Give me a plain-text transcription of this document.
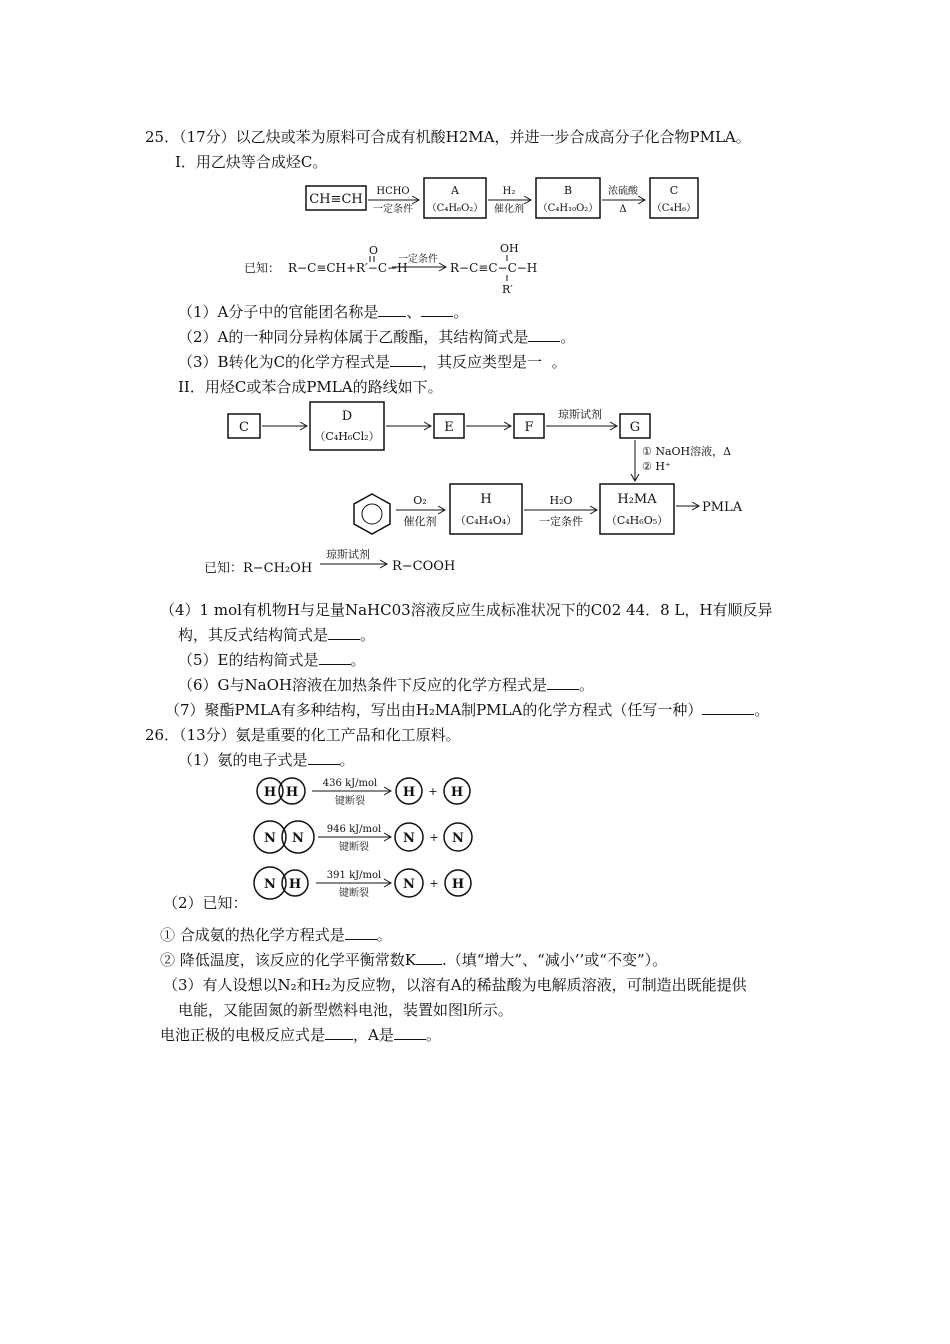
25．（17分）以乙炔或苯为原料可合成有机酸H2MA，并进一步合成高分子化合物PMLA。
I．用乙炔等合成烃C。
CH≡CH
HCHO
一定条件
A
（C₄H₆O₂）
H₂
催化剂
B
（C₄H₁₀O₂）
浓硫酸
Δ
C
（C₄H₆）
已知： R−C≡CH+R′−C−H
O
一定条件
R−C≡C−C−H
OH
R′
（1）A分子中的官能团名称是 、 。
（2）A的一种同分异构体属于乙酸酯，其结构简式是 。
（3）B转化为C的化学方程式是 ，其反应类型是一 。
II．用烃C或苯合成PMLA的路线如下。
C
D
（C₄H₆Cl₂）
E	F
琼斯试剂
G
① NaOH溶液，Δ
② H⁺
O₂
催化剂
H
（C₄H₄O₄）
H₂O
一定条件
H₂MA
（C₄H₆O₅）
PMLA
已知：R−CH₂OH
琼斯试剂
R−COOH
（4）1 mol有机物H与足量NaHC03溶液反应生成标准状况下的C02 44．8 L，H有顺反异
构，其反式结构简式是 。
（5）E的结构简式是 。
（6）G与NaOH溶液在加热条件下反应的化学方程式是 。
（7）聚酯PMLA有多种结构，写出由H₂MA制PMLA的化学方程式（任写一种）	。
26．（13分）氨是重要的化工产品和化工原料。
（1）氨的电子式是 。
H H
436 kJ/mol
键断裂
H + H
N N
946 kJ/mol
键断裂
N + N
N H
391 kJ/mol
键断裂
N + H
（2）已知：
① 合成氨的热化学方程式是 。
② 降低温度，该反应的化学平衡常数K .（填“增大”、“减小’’或“不变”）。
（3）有人设想以N₂和H₂为反应物，以溶有A的稀盐酸为电解质溶液，可制造出既能提供
电能，又能固氮的新型燃料电池，装置如图l所示。
电池正极的电极反应式是 ，A是 。
